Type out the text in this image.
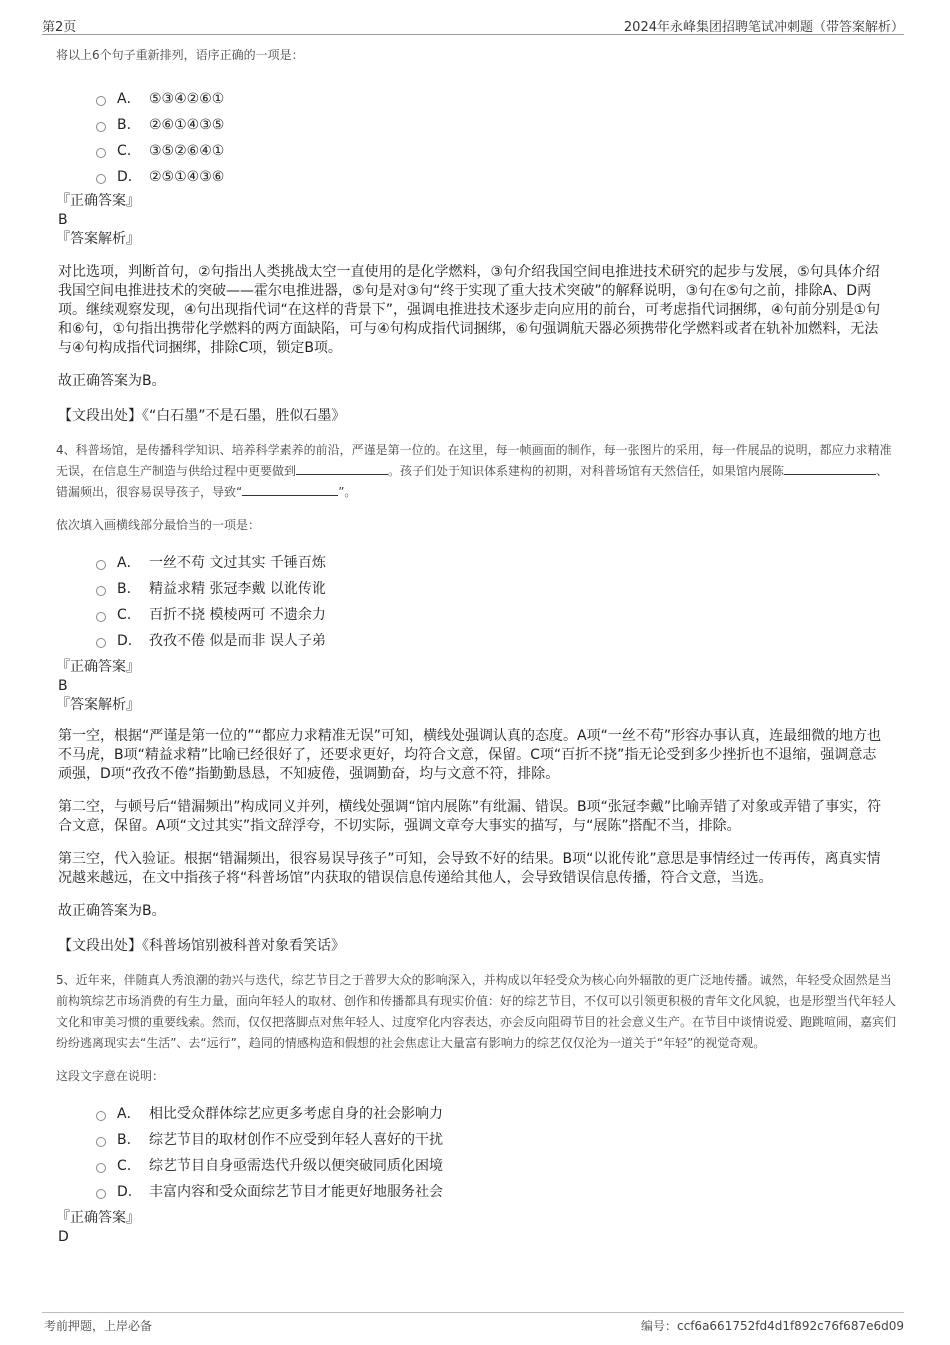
第2页	2024年永峰集团招聘笔试冲刺题（带答案解析）

将以上6个句子重新排列，语序正确的一项是：

A． ⑤③④②⑥①
B.	②⑥①④③⑤
C.	③⑤②⑥④①
D． ②⑤①④③⑥

『正确答案』

B

『答案解析』

对比选项，判断首句，②句指出人类挑战太空一直使用的是化学燃料，③句介绍我国空间电推进技术研究的起步与发展，⑤句具体介绍我国空间电推进技术的突破——霍尔电推进器，⑤句是对③句“终于实现了重大技术突破”的解释说明，③句在⑤句之前，排除A、D两项。继续观察发现，④句出现指代词“在这样的背景下”，强调电推进技术逐步走向应用的前台，可考虑指代词捆绑，④句前分别是①句和⑥句，①句指出携带化学燃料的两方面缺陷，可与④句构成指代词捆绑，⑥句强调航天器必须携带化学燃料或者在轨补加燃料，无法与④句构成指代词捆绑，排除C项，锁定B项。

故正确答案为B。

【文段出处】《“白石墨”不是石墨，胜似石墨》

4、科普场馆，是传播科学知识、培养科学素养的前沿，严谨是第一位的。在这里，每一帧画面的制作，每一张图片的采用，每一件展品的说明，都应力求精准无误，在信息生产制造与供给过程中更要做到	。孩子们处于知识体系建构的初期，对科普场馆有天然信任，如果馆内展陈	、错漏频出，很容易误导孩子，导致“	”。

依次填入画横线部分最恰当的一项是：

A． 一丝不苟 文过其实 千锤百炼
B.	精益求精 张冠李戴 以讹传讹
C.	百折不挠 模棱两可 不遗余力
D.	孜孜不倦 似是而非 误人子弟

『正确答案』

B

『答案解析』

第一空，根据“严谨是第一位的”“都应力求精准无误”可知，横线处强调认真的态度。A项“一丝不苟”形容办事认真，连最细微的地方也不马虎，B项“精益求精”比喻已经很好了，还要求更好，均符合文意，保留。C项“百折不挠”指无论受到多少挫折也不退缩，强调意志顽强，D项“孜孜不倦”指勤勤恳恳，不知疲倦，强调勤奋，均与文意不符，排除。

第二空，与顿号后“错漏频出”构成同义并列，横线处强调“馆内展陈”有纰漏、错误。B项“张冠李戴”比喻弄错了对象或弄错了事实，符合文意，保留。A项“文过其实”指文辞浮夸，不切实际，强调文章夸大事实的描写，与“展陈”搭配不当，排除。

第三空，代入验证。根据“错漏频出，很容易误导孩子”可知，会导致不好的结果。B项“以讹传讹”意思是事情经过一传再传，离真实情况越来越远，在文中指孩子将“科普场馆”内获取的错误信息传递给其他人，会导致错误信息传播，符合文意，当选。

故正确答案为B。

【文段出处】《科普场馆别被科普对象看笑话》

5、近年来，伴随真人秀浪潮的勃兴与迭代，综艺节目之于普罗大众的影响深入，并构成以年轻受众为核心向外辐散的更广泛地传播。诚然，年轻受众固然是当前构筑综艺市场消费的有生力量，面向年轻人的取材、创作和传播都具有现实价值：好的综艺节目，不仅可以引领更积极的青年文化风貌，也是形塑当代年轻人文化和审美习惯的重要线索。然而，仅仅把落脚点对焦年轻人、过度窄化内容表达，亦会反向阻碍节目的社会意义生产。在节目中谈情说爱、跑跳喧闹，嘉宾们纷纷逃离现实去“生活”、去“远行”，趋同的情感构造和假想的社会焦虑让大量富有影响力的综艺仅仅沦为一道关于“年轻”的视觉奇观。

这段文字意在说明：

A． 相比受众群体综艺应更多考虑自身的社会影响力
B.	综艺节目的取材创作不应受到年轻人喜好的干扰
C.	综艺节目自身亟需迭代升级以便突破同质化困境
D.	丰富内容和受众面综艺节目才能更好地服务社会

『正确答案』

D

考前押题，上岸必备	编号：ccf6a661752fd4d1f892c76f687e6d09
